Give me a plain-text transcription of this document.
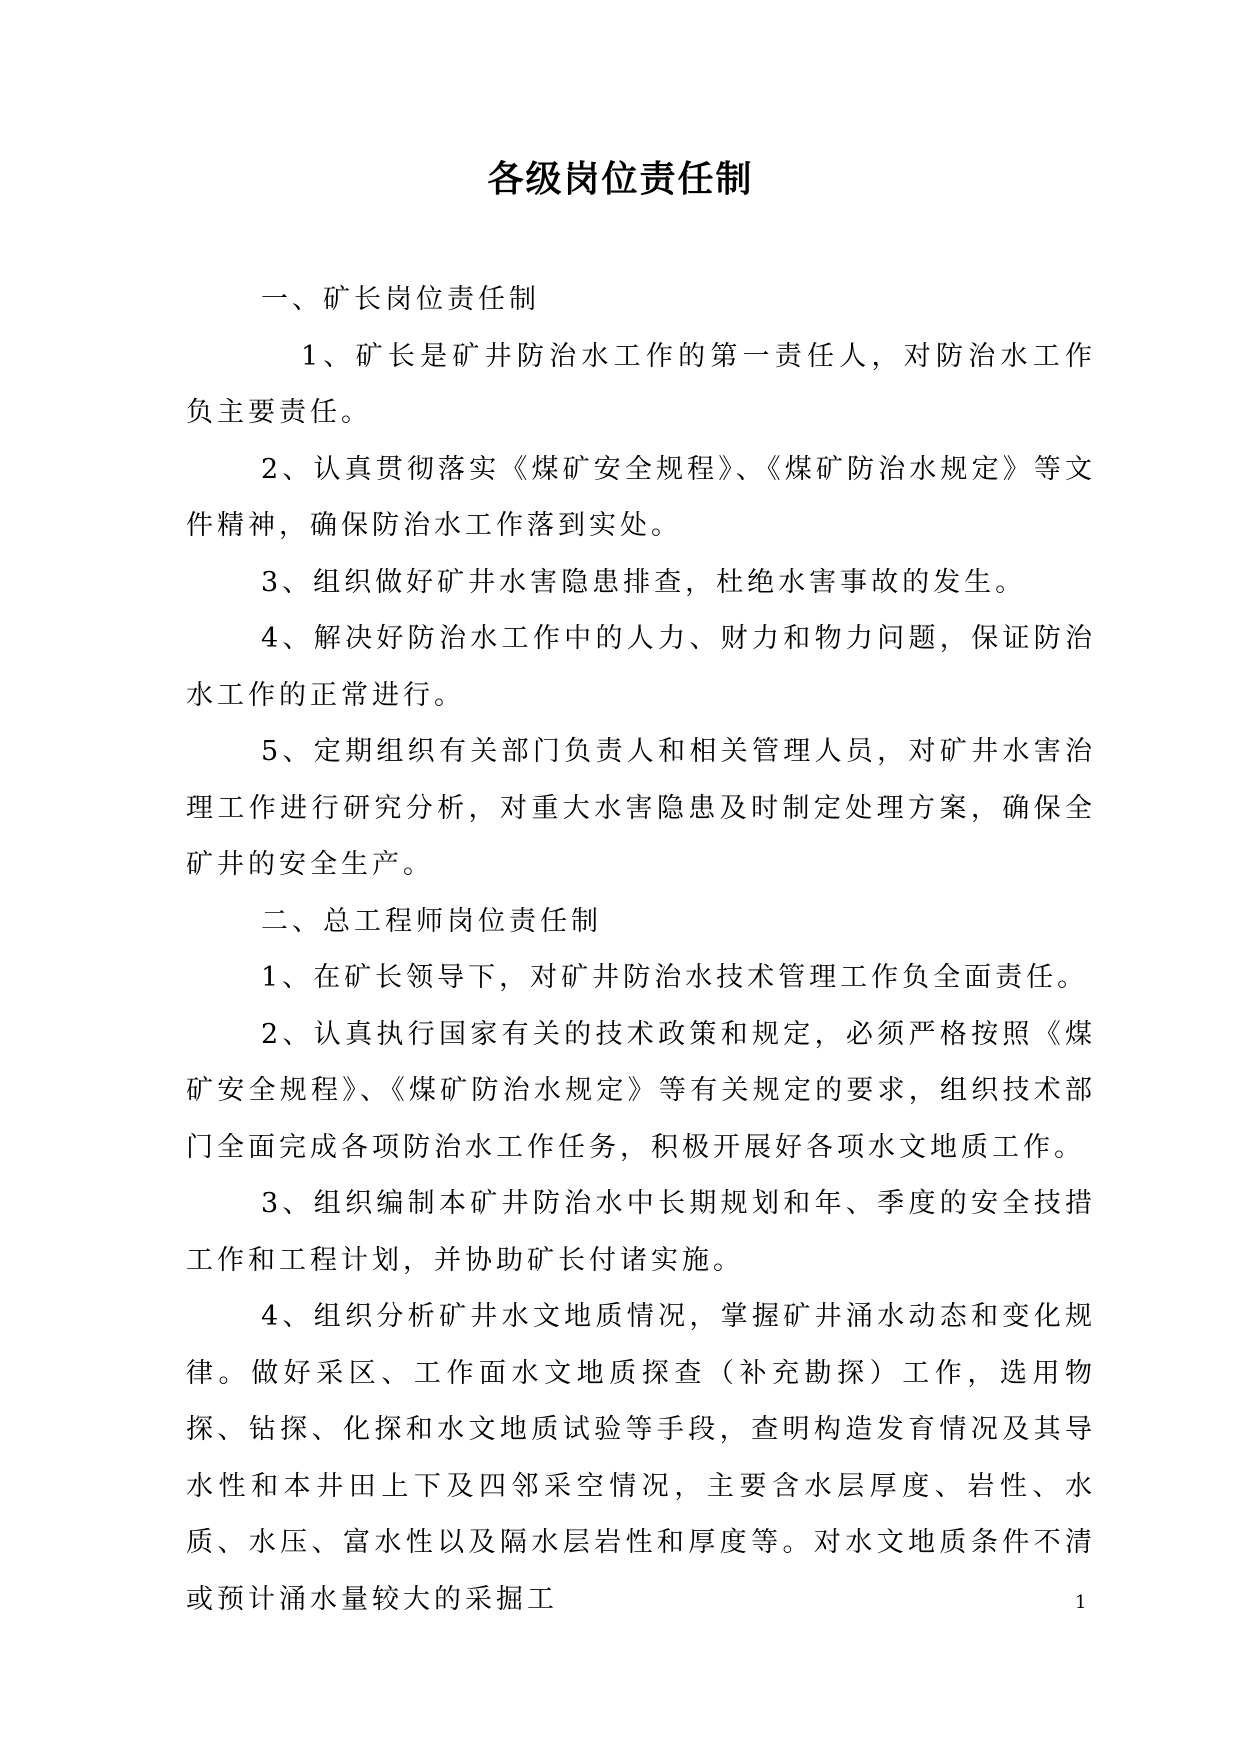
各级岗位责任制

一、矿长岗位责任制

1、矿长是矿井防治水工作的第一责任人，对防治水工作负主要责任。

2、认真贯彻落实《煤矿安全规程》、《煤矿防治水规定》等文件精神，确保防治水工作落到实处。

3、组织做好矿井水害隐患排查，杜绝水害事故的发生。

4、解决好防治水工作中的人力、财力和物力问题，保证防治水工作的正常进行。

5、定期组织有关部门负责人和相关管理人员，对矿井水害治理工作进行研究分析，对重大水害隐患及时制定处理方案，确保全矿井的安全生产。

二、总工程师岗位责任制

1、在矿长领导下，对矿井防治水技术管理工作负全面责任。

2、认真执行国家有关的技术政策和规定，必须严格按照《煤矿安全规程》、《煤矿防治水规定》等有关规定的要求，组织技术部门全面完成各项防治水工作任务，积极开展好各项水文地质工作。

3、组织编制本矿井防治水中长期规划和年、季度的安全技措工作和工程计划，并协助矿长付诸实施。

4、组织分析矿井水文地质情况，掌握矿井涌水动态和变化规律。做好采区、工作面水文地质探查（补充勘探）工作，选用物探、钻探、化探和水文地质试验等手段，查明构造发育情况及其导水性和本井田上下及四邻采空情况，主要含水层厚度、岩性、水质、水压、富水性以及隔水层岩性和厚度等。对水文地质条件不清或预计涌水量较大的采掘工	1
